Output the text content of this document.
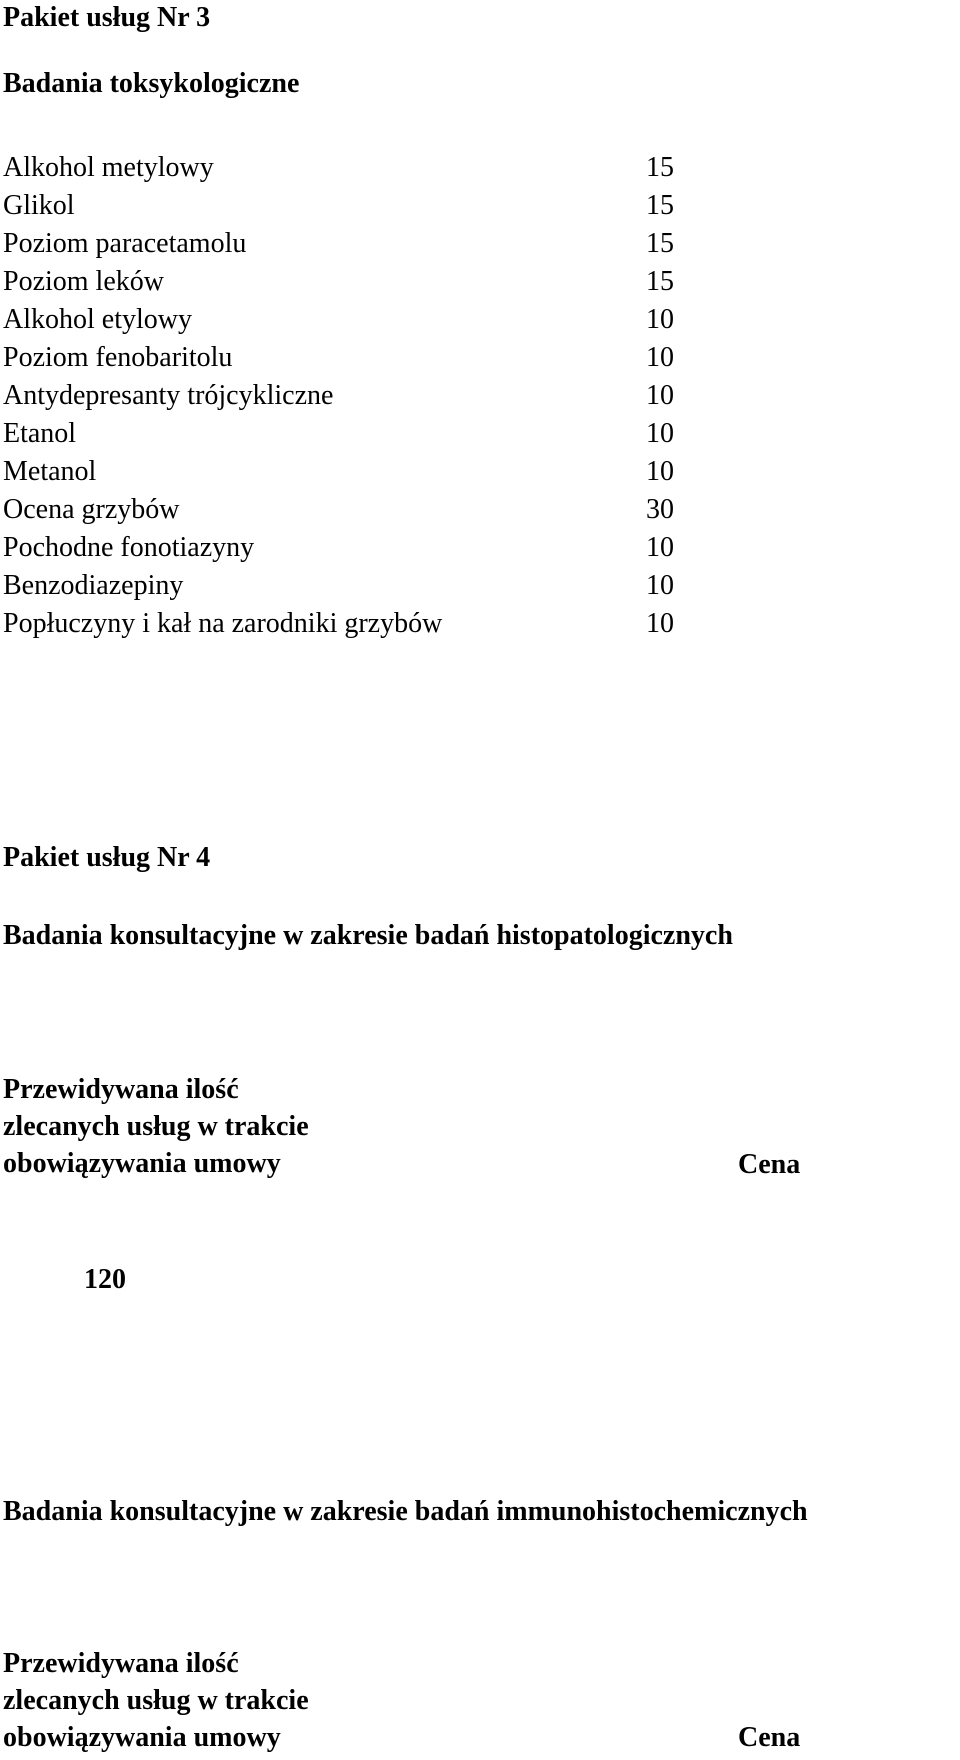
Pakiet usług Nr 3
Badania toksykologiczne
Alkohol metylowy	15
Glikol	15
Poziom paracetamolu	15
Poziom leków	15
Alkohol etylowy	10
Poziom fenobaritolu	10
Antydepresanty trójcykliczne	10
Etanol	10
Metanol	10
Ocena grzybów	30
Pochodne fonotiazyny	10
Benzodiazepiny	10
Popłuczyny i kał na zarodniki grzybów	10
Pakiet usług Nr 4
Badania konsultacyjne w zakresie badań histopatologicznych
Przewidywana ilość
zlecanych usług w trakcie
obowiązywania umowy	Cena
120
Badania konsultacyjne w zakresie badań immunohistochemicznych
Przewidywana ilość
zlecanych usług w trakcie
obowiązywania umowy	Cena
